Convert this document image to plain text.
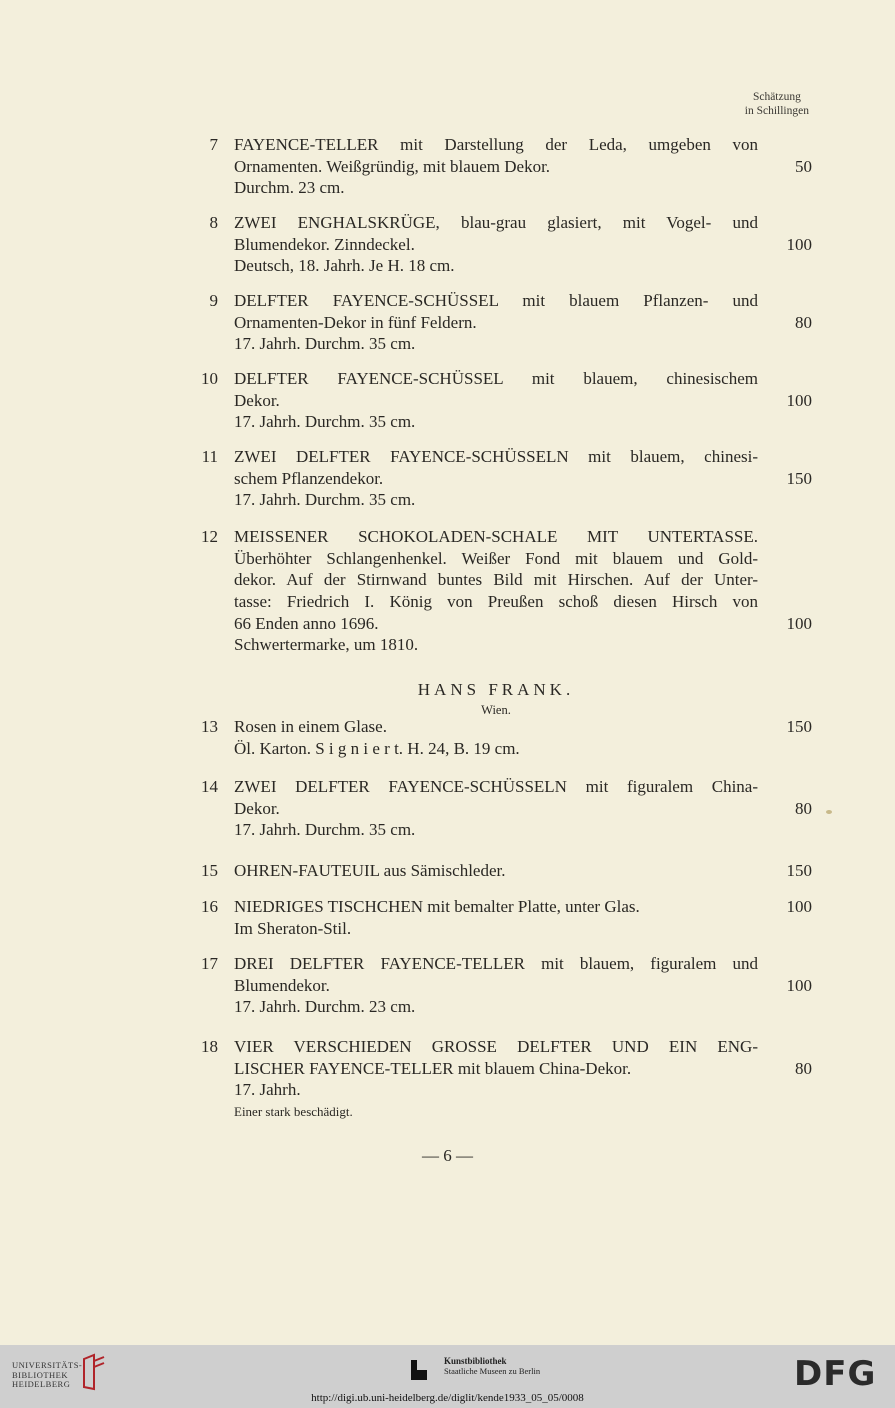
Schätzung
in Schillingen
7 FAYENCE-TELLER mit Darstellung der Leda, umgeben von
Ornamenten. Weißgründig, mit blauem Dekor.
Durchm. 23 cm.
50
8 ZWEI ENGHALSKRÜGE, blau-grau glasiert, mit Vogel- und
Blumendekor. Zinndeckel.
Deutsch, 18. Jahrh. Je H. 18 cm.
100
9 DELFTER FAYENCE-SCHÜSSEL mit blauem Pflanzen- und
Ornamenten-Dekor in fünf Feldern.
17. Jahrh. Durchm. 35 cm.
80
10 DELFTER FAYENCE-SCHÜSSEL mit blauem, chinesischem
Dekor.
17. Jahrh. Durchm. 35 cm.
100
11 ZWEI DELFTER FAYENCE-SCHÜSSELN mit blauem, chinesi-
schem Pflanzendekor.
17. Jahrh. Durchm. 35 cm.
150
12 MEISSENER SCHOKOLADEN-SCHALE MIT UNTERTASSE.
Überhöhter Schlangenhenkel. Weißer Fond mit blauem und Gold-
dekor. Auf der Stirnwand buntes Bild mit Hirschen. Auf der Unter-
tasse: Friedrich I. König von Preußen schoß diesen Hirsch von
66 Enden anno 1696.
Schwertermarke, um 1810.
100
13 Rosen in einem Glase.
Öl. Karton. S i g n i e r t. H. 24, B. 19 cm.
150
14 ZWEI DELFTER FAYENCE-SCHÜSSELN mit figuralem China-
Dekor.
17. Jahrh. Durchm. 35 cm.
80
15 OHREN-FAUTEUIL aus Sämischleder.	150
16 NIEDRIGES TISCHCHEN mit bemalter Platte, unter Glas.
Im Sheraton-Stil.
100
17 DREI DELFTER FAYENCE-TELLER mit blauem, figuralem und
Blumendekor.
17. Jahrh. Durchm. 23 cm.
100
18 VIER VERSCHIEDEN GROSSE DELFTER UND EIN ENG-
LISCHER FAYENCE-TELLER mit blauem China-Dekor.
17. Jahrh.
Einer stark beschädigt.
80
HANS FRANK.
Wien.
— 6 —
UNIVERSITÄTS-
BIBLIOTHEK
HEIDELBERG
Kunstbibliothek
Staatliche Museen zu Berlin	DFG
http://digi.ub.uni-heidelberg.de/diglit/kende1933_05_05/0008
